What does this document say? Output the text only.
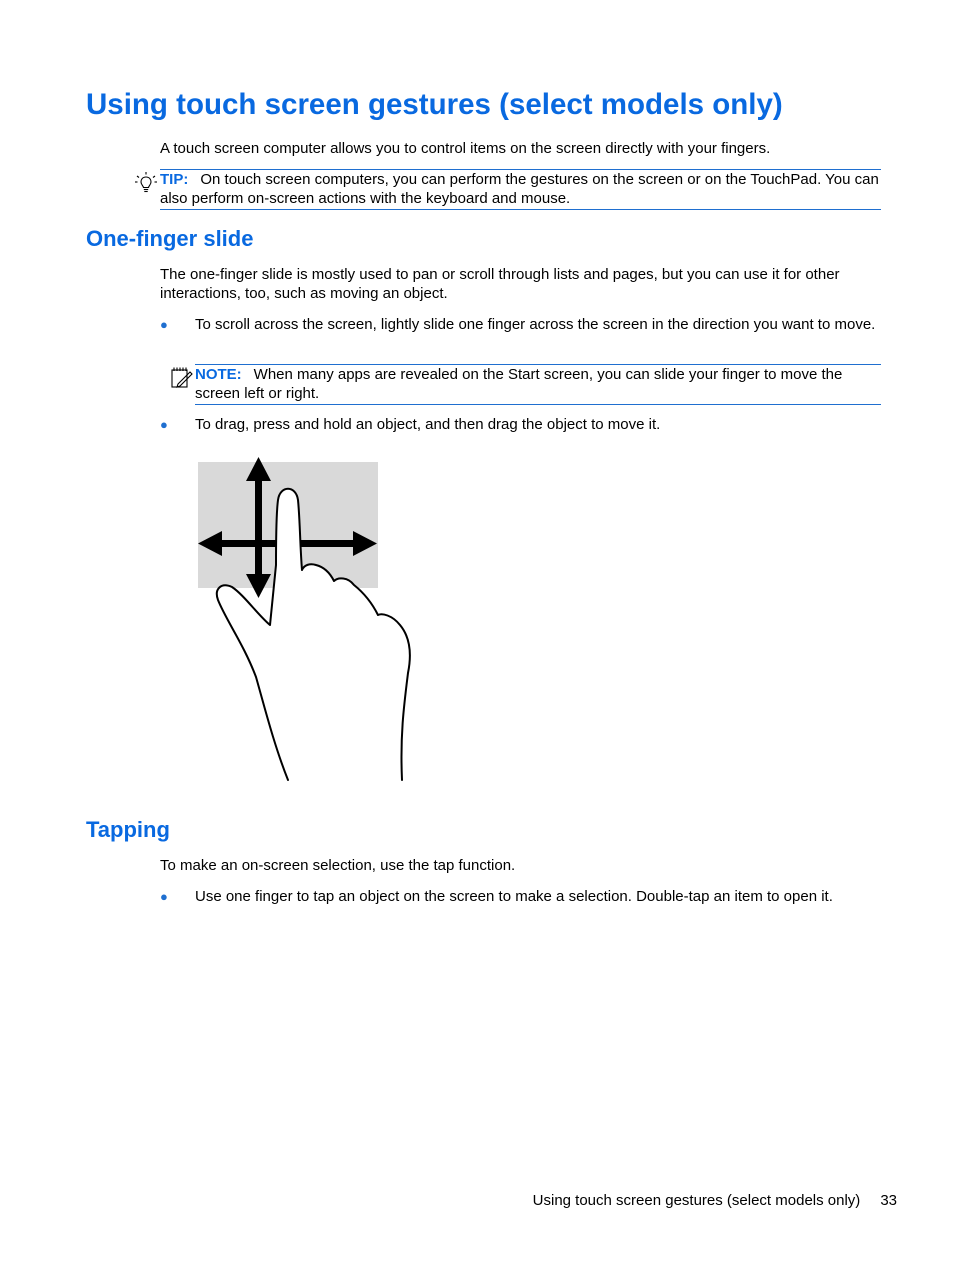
Using touch screen gestures (select models only)

A touch screen computer allows you to control items on the screen directly with your fingers.

TIP: On touch screen computers, you can perform the gestures on the screen or on the TouchPad. You can also perform on-screen actions with the keyboard and mouse.
One-finger slide

The one-finger slide is mostly used to pan or scroll through lists and pages, but you can use it for other interactions, too, such as moving an object.

● To scroll across the screen, lightly slide one finger across the screen in the direction you want to move.
NOTE: When many apps are revealed on the Start screen, you can slide your finger to move the screen left or right.
● To drag, press and hold an object, and then drag the object to move it.
Tapping

To make an on-screen selection, use the tap function.

● Use one finger to tap an object on the screen to make a selection. Double-tap an item to open it.
Using touch screen gestures (select models only) 33
